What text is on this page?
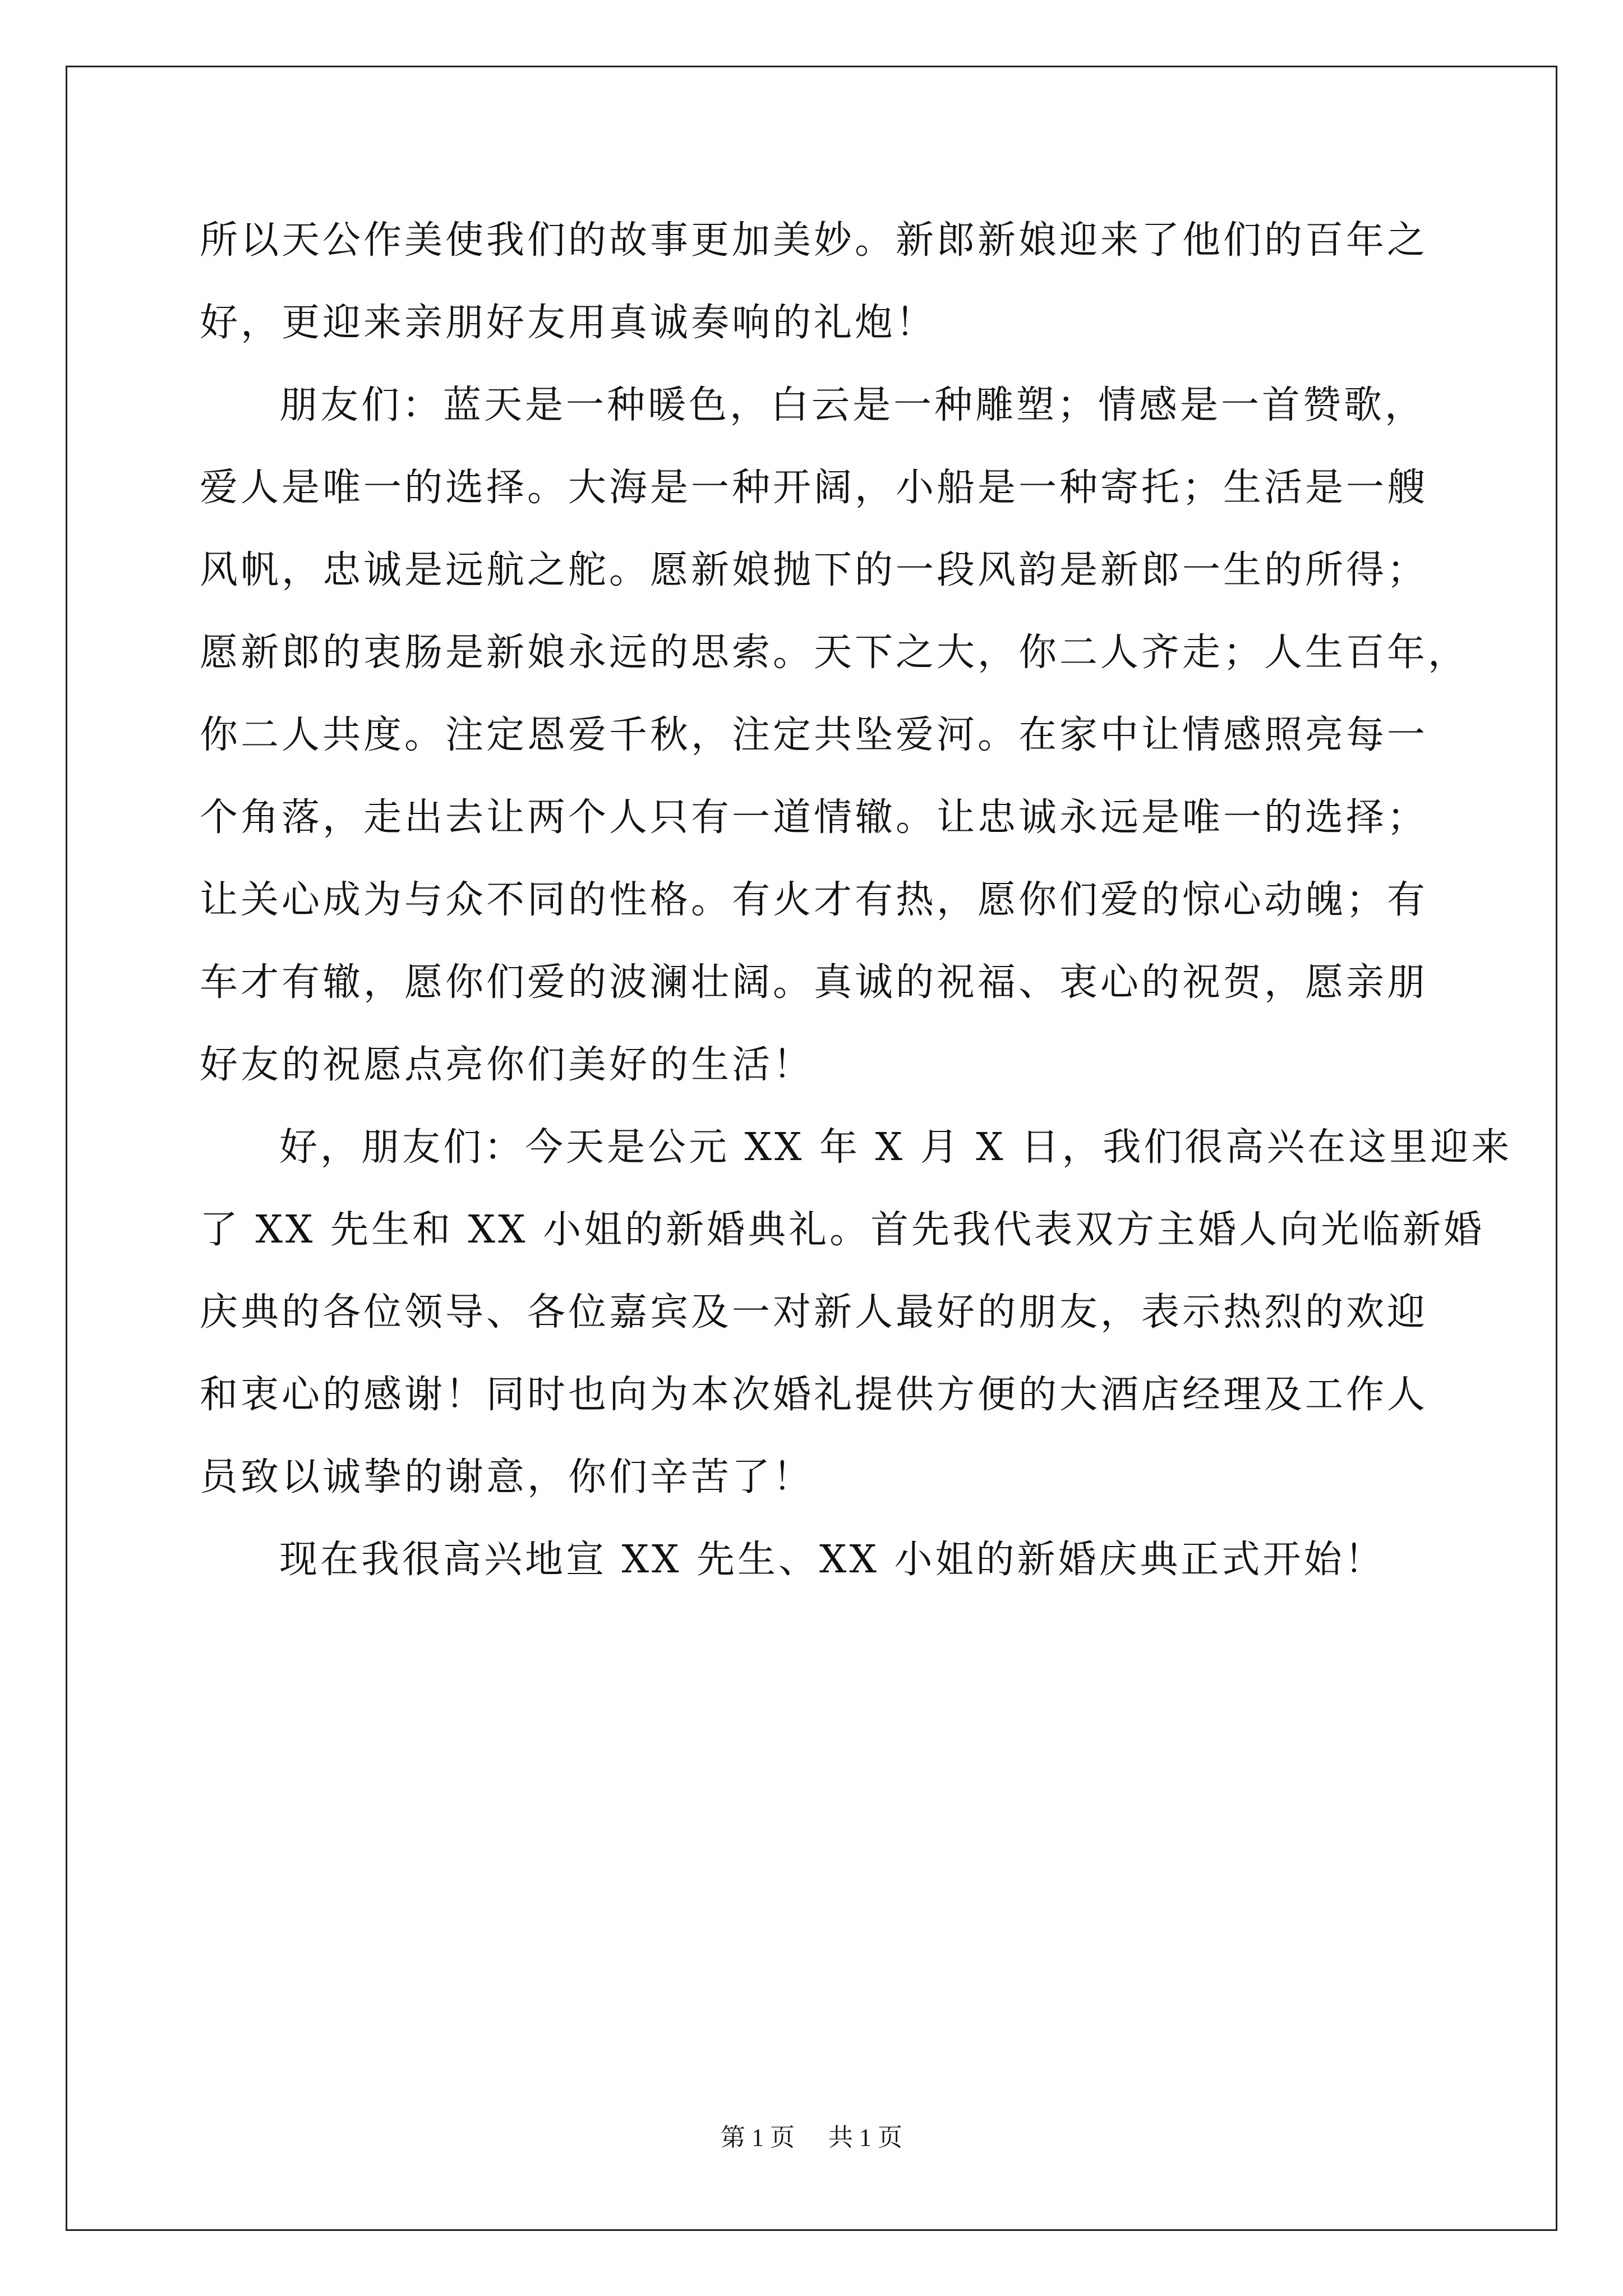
所以天公作美使我们的故事更加美妙。新郎新娘迎来了他们的百年之
好，更迎来亲朋好友用真诚奏响的礼炮！
朋友们：蓝天是一种暖色，白云是一种雕塑；情感是一首赞歌，
爱人是唯一的选择。大海是一种开阔，小船是一种寄托；生活是一艘
风帆，忠诚是远航之舵。愿新娘抛下的一段风韵是新郎一生的所得；
愿新郎的衷肠是新娘永远的思索。天下之大，你二人齐走；人生百年，
你二人共度。注定恩爱千秋，注定共坠爱河。在家中让情感照亮每一
个角落，走出去让两个人只有一道情辙。让忠诚永远是唯一的选择；
让关心成为与众不同的性格。有火才有热，愿你们爱的惊心动魄；有
车才有辙，愿你们爱的波澜壮阔。真诚的祝福、衷心的祝贺，愿亲朋
好友的祝愿点亮你们美好的生活！
好，朋友们：今天是公元 XX 年 X 月 X 日，我们很高兴在这里迎来
了 XX 先生和 XX 小姐的新婚典礼。首先我代表双方主婚人向光临新婚
庆典的各位领导、各位嘉宾及一对新人最好的朋友，表示热烈的欢迎
和衷心的感谢！同时也向为本次婚礼提供方便的大酒店经理及工作人
员致以诚挚的谢意，你们辛苦了！
现在我很高兴地宣 XX 先生、XX 小姐的新婚庆典正式开始！
第 1 页 共 1 页
